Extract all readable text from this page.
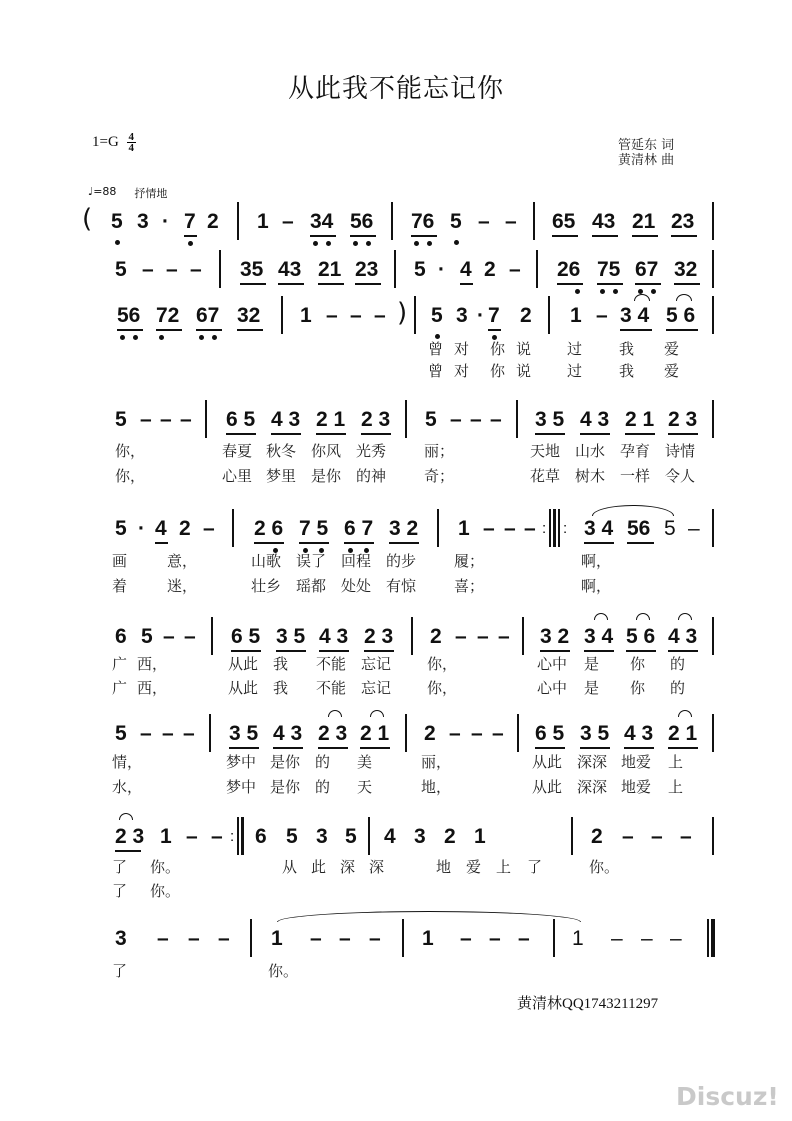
从此我不能忘记你
1=G 4
4	管延东 词
黄清林 曲
♩=88 抒情地
( 5 3 · 7 2 1 – 34 56 76 5 – – 65 43 21 23
5 – – – 35 43 21 23 5 · 4 2 – 26 75 67 32
56 72 67 32 1 – – – ) 5 3 · 7 2 1 – 3 4 5 6
曾 对 你 说 过 我 爱
曾 对 你 说 过 我 爱
5 – – – 6 5 4 3 2 1 2 3 5 – – – 3 5 4 3 2 1 2 3
你，	春夏 秋冬 你风 光秀	丽；	天地 山水 孕育 诗情
你，	心里 梦里 是你 的神	奇；	花草 树木 一样 令人
5 · 4 2 – 2 6 7 5 6 7 3 2 1 – – – : : 3 4 56 5 –
画	意，	山歌 误了 回程 的步	履；	啊，
着	迷，	壮乡 瑶都 处处 有惊	喜；	啊，
6 5 – – 6 5 3 5 4 3 2 3 2 – – – 3 2 3 4 5 6 4 3
广 西，	从此 我 不能 忘记 你，	心中 是 你 的
广 西，	从此 我 不能 忘记 你，	心中 是 你 的
5 – – – 3 5 4 3 2 3 2 1 2 – – – 6 5 3 5 4 3 2 1
情，	梦中 是你 的 美	丽，	从此 深深 地爱 上
水，	梦中 是你 的 天	地，	从此 深深 地爱 上
2 3 1 – – : 6 5 3 5 4 3 2 1	2 – – –
了 你。	从 此 深 深	地 爱 上 了	你。
了 你。
3 – – – 1 – – – 1 – – – 1 – – –
了	你。
黄清林QQ1743211297
Discuz!
